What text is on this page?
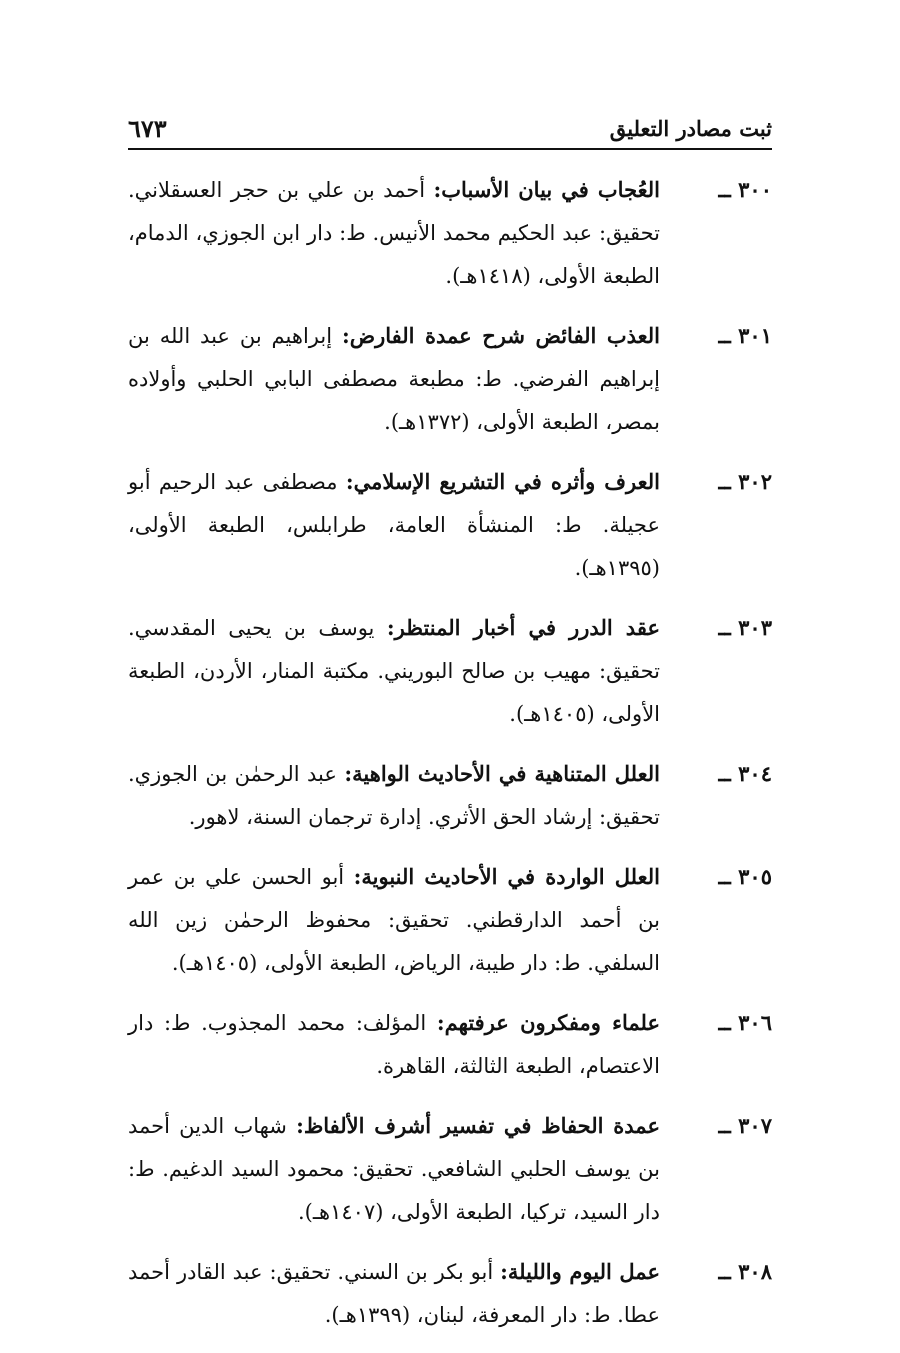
ثبت مصادر التعليق
٦٧٣
٣٠٠ ــ
العُجاب في بيان الأسباب: أحمد بن علي بن حجر العسقلاني. تحقيق: عبد الحكيم محمد الأنيس. ط: دار ابن الجوزي، الدمام، الطبعة الأولى، (١٤١٨هـ).
٣٠١ ــ
العذب الفائض شرح عمدة الفارض: إبراهيم بن عبد الله بن إبراهيم الفرضي. ط: مطبعة مصطفى البابي الحلبي وأولاده بمصر، الطبعة الأولى، (١٣٧٢هـ).
٣٠٢ ــ
العرف وأثره في التشريع الإسلامي: مصطفى عبد الرحيم أبو عجيلة. ط: المنشأة العامة، طرابلس، الطبعة الأولى، (١٣٩٥هـ).
٣٠٣ ــ
عقد الدرر في أخبار المنتظر: يوسف بن يحيى المقدسي. تحقيق: مهيب بن صالح البوريني. مكتبة المنار، الأردن، الطبعة الأولى، (١٤٠٥هـ).
٣٠٤ ــ
العلل المتناهية في الأحاديث الواهية: عبد الرحمٰن بن الجوزي. تحقيق: إرشاد الحق الأثري. إدارة ترجمان السنة، لاهور.
٣٠٥ ــ
العلل الواردة في الأحاديث النبوية: أبو الحسن علي بن عمر بن أحمد الدارقطني. تحقيق: محفوظ الرحمٰن زين الله السلفي. ط: دار طيبة، الرياض، الطبعة الأولى، (١٤٠٥هـ).
٣٠٦ ــ
علماء ومفكرون عرفتهم: المؤلف: محمد المجذوب. ط: دار الاعتصام، الطبعة الثالثة، القاهرة.
٣٠٧ ــ
عمدة الحفاظ في تفسير أشرف الألفاظ: شهاب الدين أحمد بن يوسف الحلبي الشافعي. تحقيق: محمود السيد الدغيم. ط: دار السيد، تركيا، الطبعة الأولى، (١٤٠٧هـ).
٣٠٨ ــ
عمل اليوم والليلة: أبو بكر بن السني. تحقيق: عبد القادر أحمد عطا. ط: دار المعرفة، لبنان، (١٣٩٩هـ).
